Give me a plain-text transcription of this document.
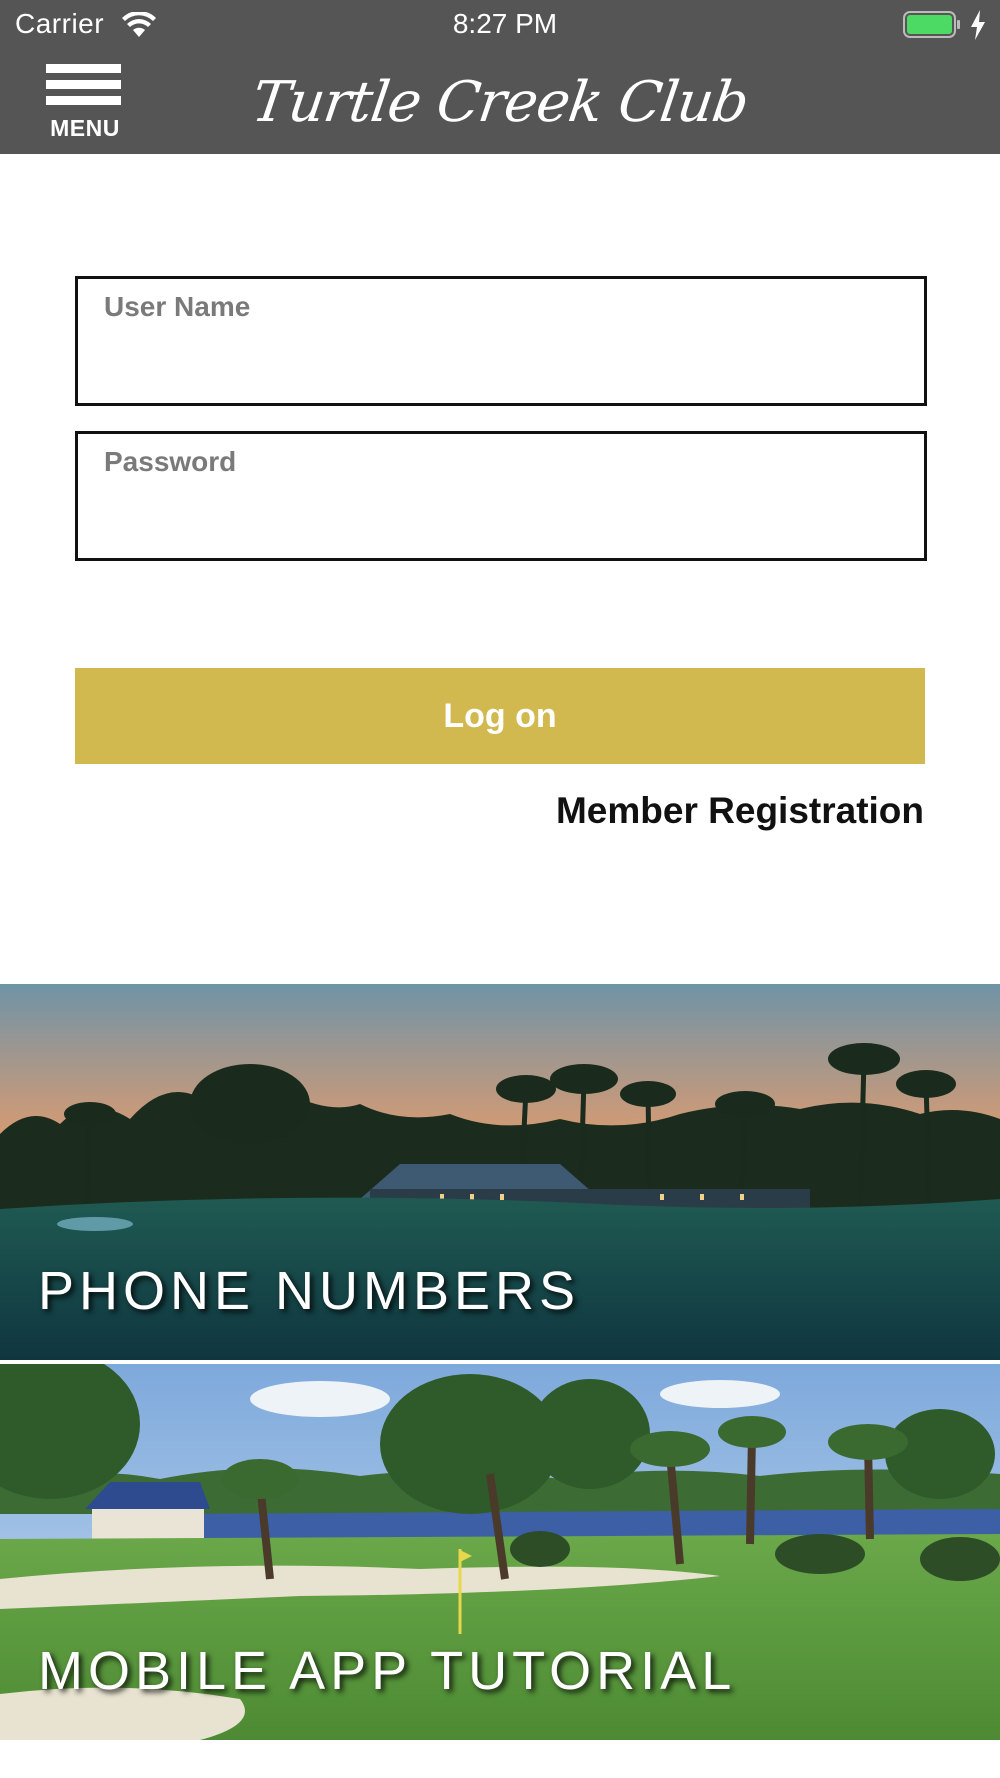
Carrier	8:27 PM
MENU Turtle Creek Club
User Name
Password
Log on
Member Registration
PHONE NUMBERS
MOBILE APP TUTORIAL
